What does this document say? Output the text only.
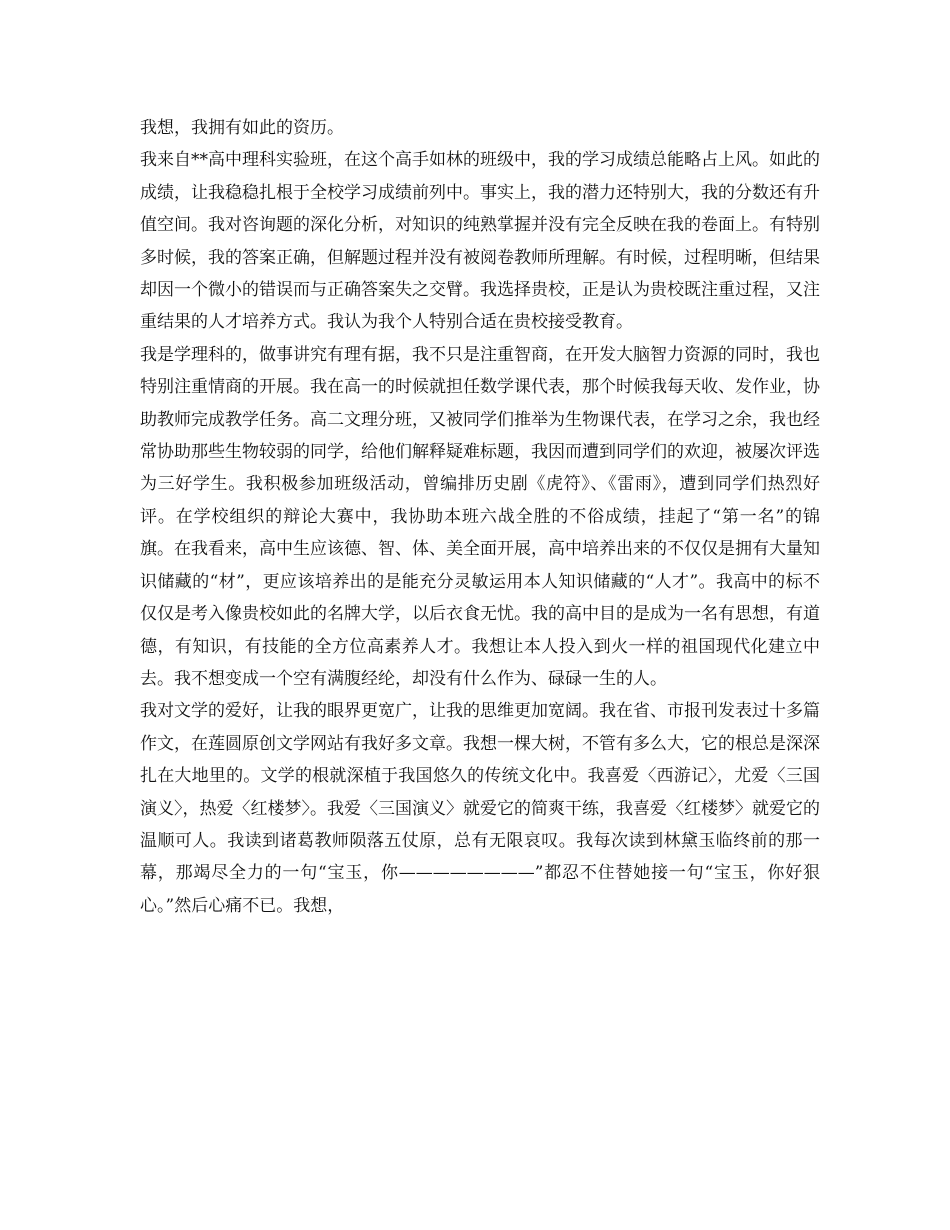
我想，我拥有如此的资历。

我来自**高中理科实验班，在这个高手如林的班级中，我的学习成绩总能略占上风。如此的成绩，让我稳稳扎根于全校学习成绩前列中。事实上，我的潜力还特别大，我的分数还有升值空间。我对咨询题的深化分析，对知识的纯熟掌握并没有完全反映在我的卷面上。有特别多时候，我的答案正确，但解题过程并没有被阅卷教师所理解。有时候，过程明晰，但结果却因一个微小的错误而与正确答案失之交臂。我选择贵校，正是认为贵校既注重过程，又注重结果的人才培养方式。我认为我个人特别合适在贵校接受教育。

我是学理科的，做事讲究有理有据，我不只是注重智商，在开发大脑智力资源的同时，我也特别注重情商的开展。我在高一的时候就担任数学课代表，那个时候我每天收、发作业，协助教师完成教学任务。高二文理分班，又被同学们推举为生物课代表，在学习之余，我也经常协助那些生物较弱的同学，给他们解释疑难标题，我因而遭到同学们的欢迎，被屡次评选为三好学生。我积极参加班级活动，曾编排历史剧《虎符》、《雷雨》，遭到同学们热烈好评。在学校组织的辩论大赛中，我协助本班六战全胜的不俗成绩，挂起了“第一名”的锦旗。在我看来，高中生应该德、智、体、美全面开展，高中培养出来的不仅仅是拥有大量知识储藏的“材”，更应该培养出的是能充分灵敏运用本人知识储藏的“人才”。我高中的标不仅仅是考入像贵校如此的名牌大学，以后衣食无忧。我的高中目的是成为一名有思想，有道德，有知识，有技能的全方位高素养人才。我想让本人投入到火一样的祖国现代化建立中去。我不想变成一个空有满腹经纶，却没有什么作为、碌碌一生的人。

我对文学的爱好，让我的眼界更宽广，让我的思维更加宽阔。我在省、市报刊发表过十多篇作文，在莲圆原创文学网站有我好多文章。我想一棵大树，不管有多么大，它的根总是深深扎在大地里的。文学的根就深植于我国悠久的传统文化中。我喜爱〈西游记〉，尤爱〈三国演义〉，热爱〈红楼梦〉。我爱〈三国演义〉就爱它的简爽干练，我喜爱〈红楼梦〉就爱它的温顺可人。我读到诸葛教师陨落五仗原，总有无限哀叹。我每次读到林黛玉临终前的那一幕，那竭尽全力的一句“宝玉，你————————”都忍不住替她接一句“宝玉，你好狠心。”然后心痛不已。我想，
